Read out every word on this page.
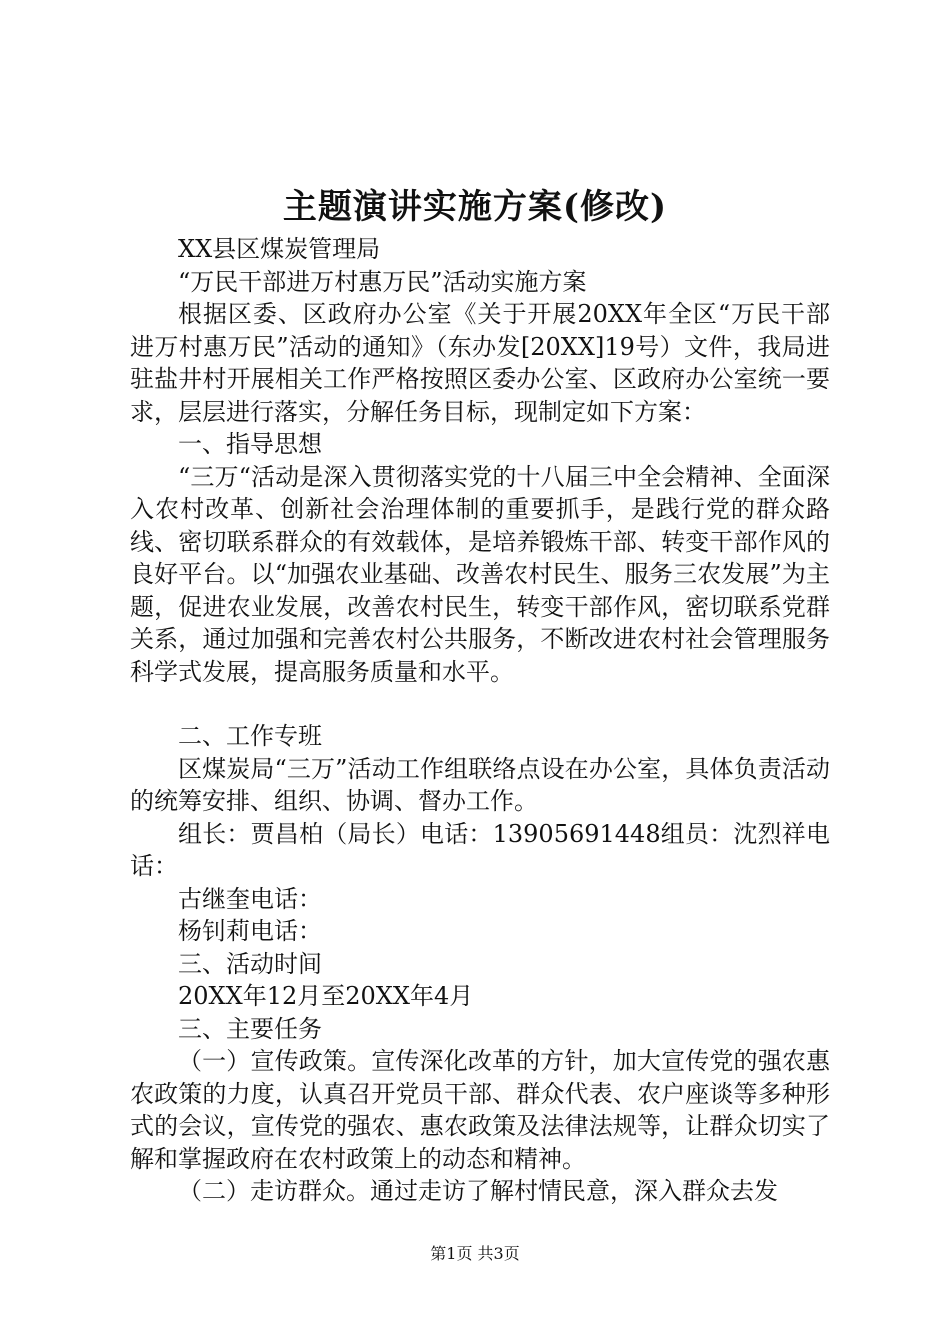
主题演讲实施方案(修改)

XX县区煤炭管理局

“万民干部进万村惠万民”活动实施方案

根据区委、区政府办公室《关于开展20XX年全区“万民干部进万村惠万民”活动的通知》（东办发[20XX]19号）文件，我局进驻盐井村开展相关工作严格按照区委办公室、区政府办公室统一要求，层层进行落实，分解任务目标，现制定如下方案：

一、指导思想

“三万“活动是深入贯彻落实党的十八届三中全会精神、全面深入农村改革、创新社会治理体制的重要抓手，是践行党的群众路线、密切联系群众的有效载体，是培养锻炼干部、转变干部作风的良好平台。以“加强农业基础、改善农村民生、服务三农发展”为主题，促进农业发展，改善农村民生，转变干部作风，密切联系党群关系，通过加强和完善农村公共服务，不断改进农村社会管理服务科学式发展，提高服务质量和水平。

二、工作专班

区煤炭局“三万”活动工作组联络点设在办公室，具体负责活动的统筹安排、组织、协调、督办工作。

组长：贾昌柏（局长）电话：13905691448组员：沈烈祥电话：

古继奎电话：

杨钊莉电话：

三、活动时间

20XX年12月至20XX年4月

三、主要任务

（一）宣传政策。宣传深化改革的方针，加大宣传党的强农惠农政策的力度，认真召开党员干部、群众代表、农户座谈等多种形式的会议，宣传党的强农、惠农政策及法律法规等，让群众切实了解和掌握政府在农村政策上的动态和精神。

（二）走访群众。通过走访了解村情民意，深入群众去发

第1页 共3页
